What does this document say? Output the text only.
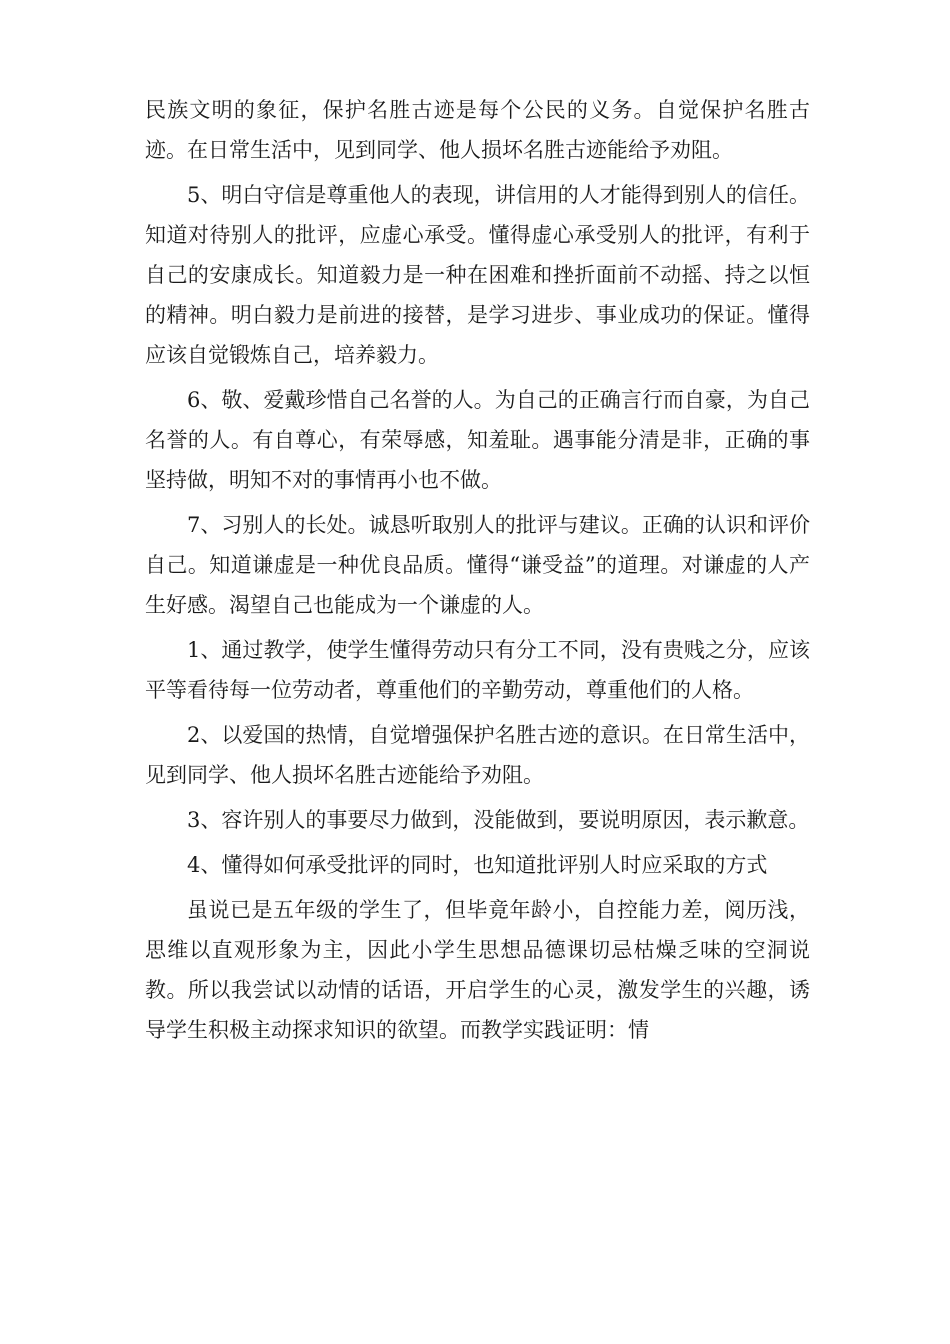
民族文明的象征，保护名胜古迹是每个公民的义务。自觉保护名胜古迹。在日常生活中，见到同学、他人损坏名胜古迹能给予劝阻。

5、明白守信是尊重他人的表现，讲信用的人才能得到别人的信任。知道对待别人的批评，应虚心承受。懂得虚心承受别人的批评，有利于自己的安康成长。知道毅力是一种在困难和挫折面前不动摇、持之以恒的精神。明白毅力是前进的接替，是学习进步、事业成功的保证。懂得应该自觉锻炼自己，培养毅力。

6、敬、爱戴珍惜自己名誉的人。为自己的正确言行而自豪，为自己名誉的人。有自尊心，有荣辱感，知羞耻。遇事能分清是非，正确的事坚持做，明知不对的事情再小也不做。

7、习别人的长处。诚恳听取别人的批评与建议。正确的认识和评价自己。知道谦虚是一种优良品质。懂得“谦受益”的道理。对谦虚的人产生好感。渴望自己也能成为一个谦虚的人。

1、通过教学，使学生懂得劳动只有分工不同，没有贵贱之分，应该平等看待每一位劳动者，尊重他们的辛勤劳动，尊重他们的人格。

2、以爱国的热情，自觉增强保护名胜古迹的意识。在日常生活中，见到同学、他人损坏名胜古迹能给予劝阻。

3、容许别人的事要尽力做到，没能做到，要说明原因，表示歉意。

4、懂得如何承受批评的同时，也知道批评别人时应采取的方式

虽说已是五年级的学生了，但毕竟年龄小，自控能力差，阅历浅，思维以直观形象为主，因此小学生思想品德课切忌枯燥乏味的空洞说教。所以我尝试以动情的话语，开启学生的心灵，激发学生的兴趣，诱导学生积极主动探求知识的欲望。而教学实践证明：情
